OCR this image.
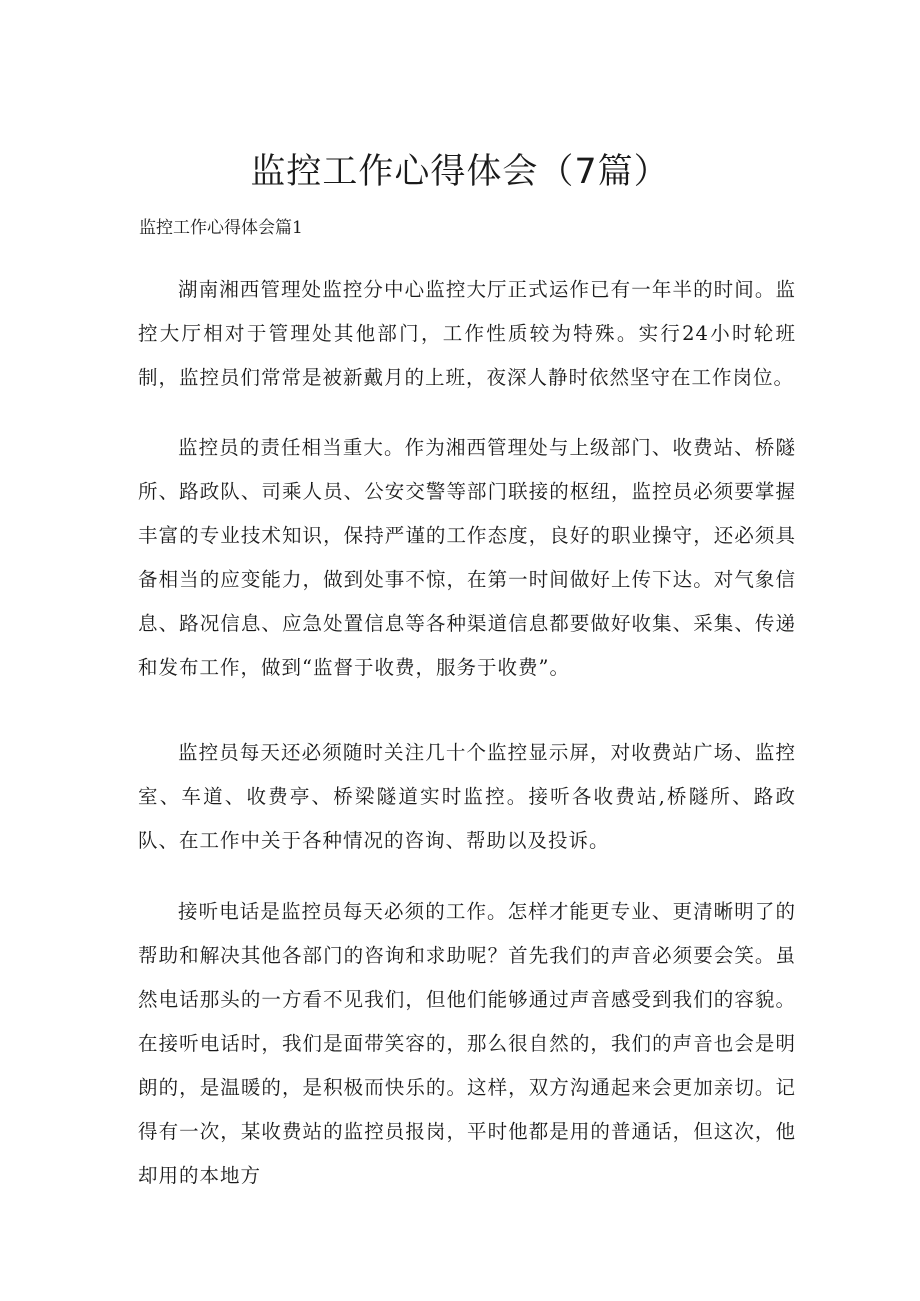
监控工作心得体会（7篇）
监控工作心得体会篇1

湖南湘西管理处监控分中心监控大厅正式运作已有一年半的时间。监控大厅相对于管理处其他部门，工作性质较为特殊。实行24小时轮班制，监控员们常常是被新戴月的上班，夜深人静时依然坚守在工作岗位。

监控员的责任相当重大。作为湘西管理处与上级部门、收费站、桥隧所、路政队、司乘人员、公安交警等部门联接的枢纽，监控员必须要掌握丰富的专业技术知识，保持严谨的工作态度，良好的职业操守，还必须具备相当的应变能力，做到处事不惊，在第一时间做好上传下达。对气象信息、路况信息、应急处置信息等各种渠道信息都要做好收集、采集、传递和发布工作，做到“监督于收费，服务于收费”。

监控员每天还必须随时关注几十个监控显示屏，对收费站广场、监控室、车道、收费亭、桥梁隧道实时监控。接听各收费站,桥隧所、路政队、在工作中关于各种情况的咨询、帮助以及投诉。

接听电话是监控员每天必须的工作。怎样才能更专业、更清晰明了的帮助和解决其他各部门的咨询和求助呢？首先我们的声音必须要会笑。虽然电话那头的一方看不见我们，但他们能够通过声音感受到我们的容貌。在接听电话时，我们是面带笑容的，那么很自然的，我们的声音也会是明朗的，是温暖的，是积极而快乐的。这样，双方沟通起来会更加亲切。记得有一次，某收费站的监控员报岗，平时他都是用的普通话，但这次，他却用的本地方
